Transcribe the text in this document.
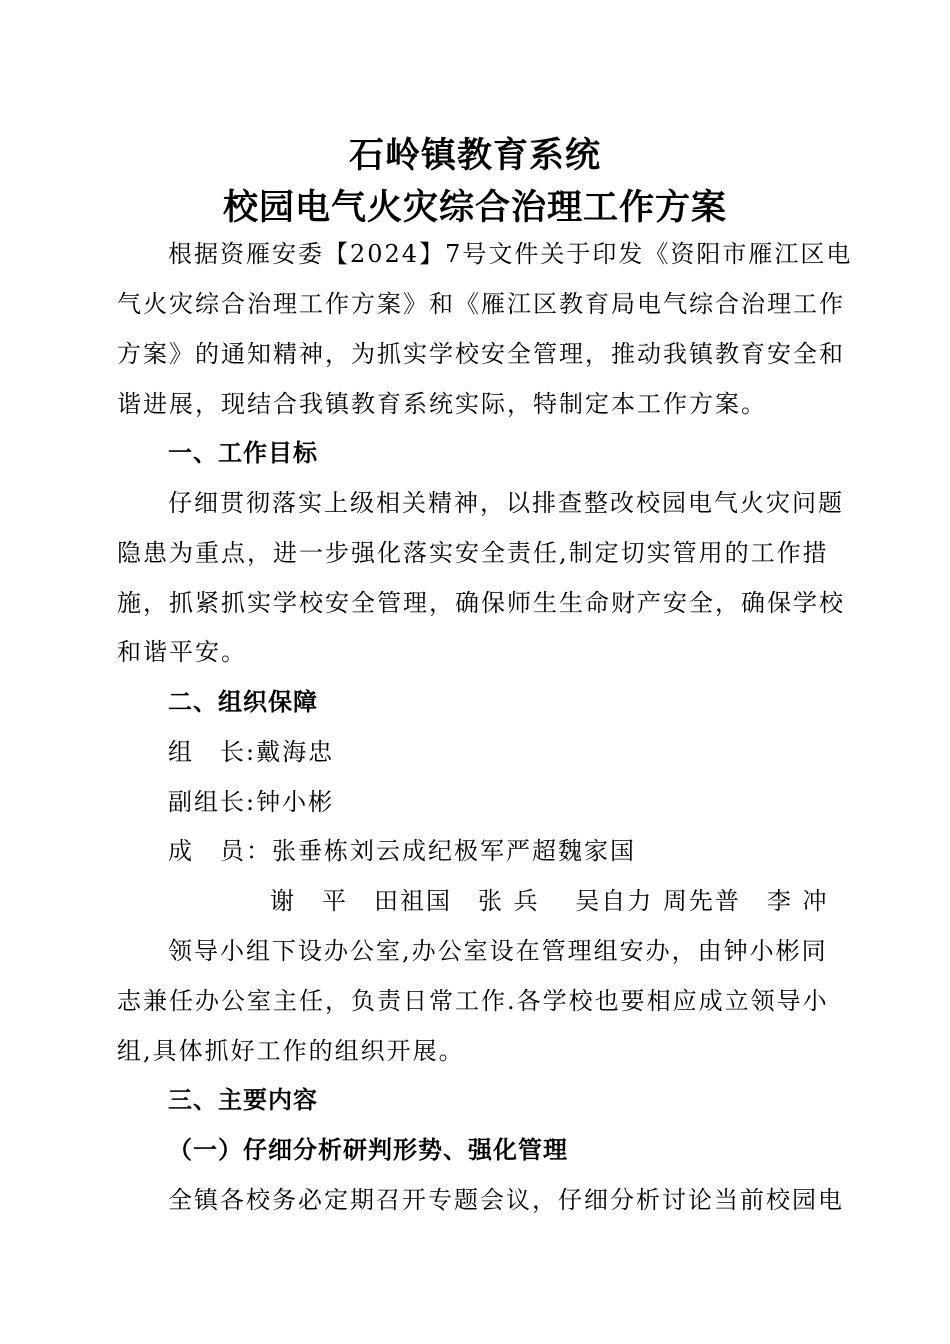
石岭镇教育系统
校园电气火灾综合治理工作方案
根据资雁安委【2024】7号文件关于印发《资阳市雁江区电
气火灾综合治理工作方案》和《雁江区教育局电气综合治理工作
方案》的通知精神，为抓实学校安全管理，推动我镇教育安全和
谐进展，现结合我镇教育系统实际，特制定本工作方案。
一、工作目标
仔细贯彻落实上级相关精神，以排查整改校园电气火灾问题
隐患为重点，进一步强化落实安全责任,制定切实管用的工作措
施，抓紧抓实学校安全管理，确保师生生命财产安全，确保学校
和谐平安。
二、组织保障
组　长:戴海忠
副组长:钟小彬
成　员：张垂栋刘云成纪极军严超魏家国
谢　平　田祖国　张 兵　 吴自力 周先普　李 冲
领导小组下设办公室,办公室设在管理组安办，由钟小彬同
志兼任办公室主任，负责日常工作.各学校也要相应成立领导小
组,具体抓好工作的组织开展。
三、主要内容
（一）仔细分析研判形势、强化管理
全镇各校务必定期召开专题会议，仔细分析讨论当前校园电
